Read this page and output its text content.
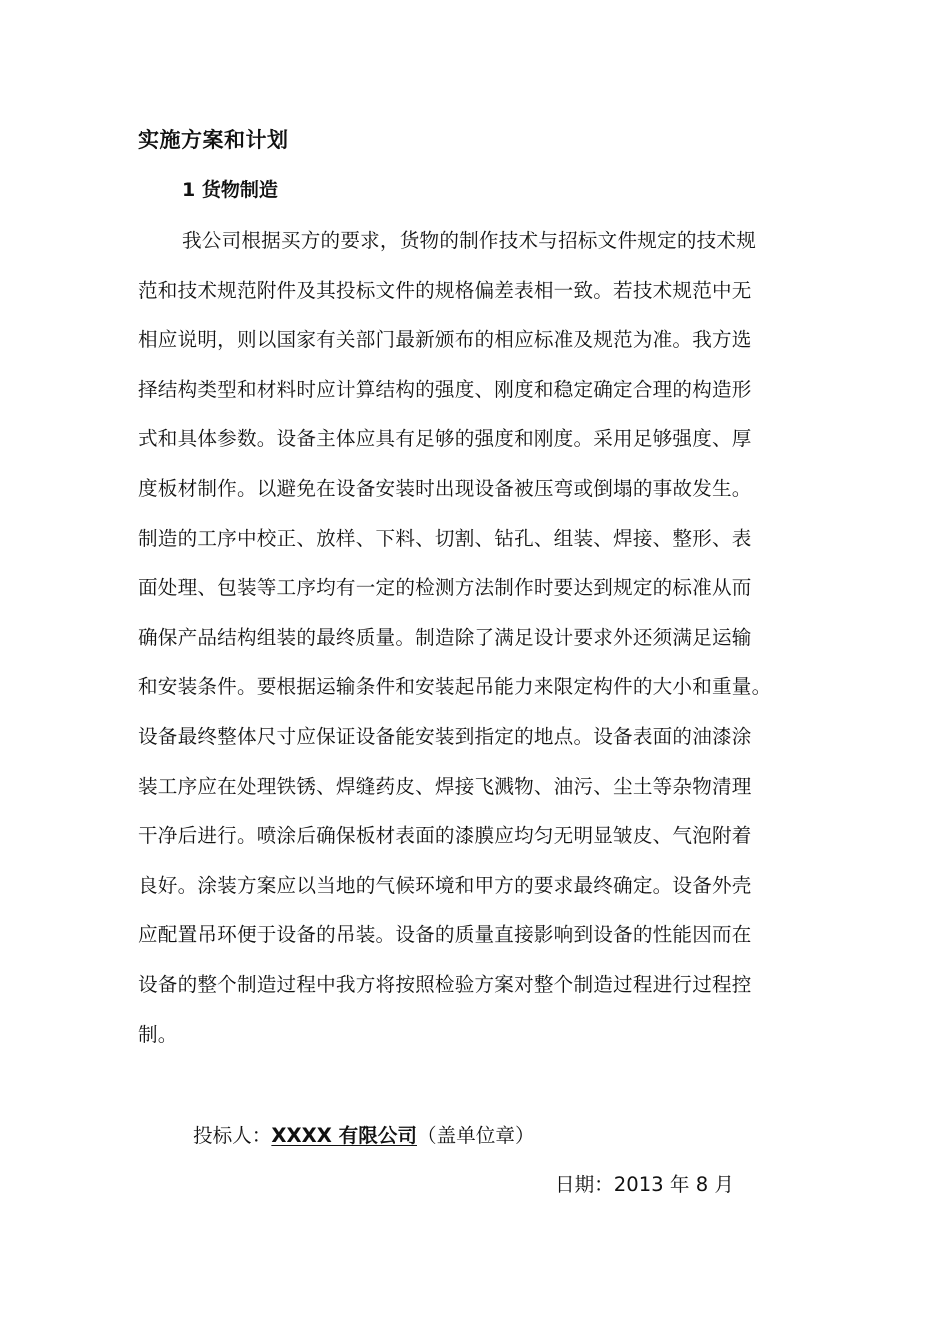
实施方案和计划
1 货物制造
我公司根据买方的要求，货物的制作技术与招标文件规定的技术规
范和技术规范附件及其投标文件的规格偏差表相一致。若技术规范中无
相应说明，则以国家有关部门最新颁布的相应标准及规范为准。我方选
择结构类型和材料时应计算结构的强度、刚度和稳定确定合理的构造形
式和具体参数。设备主体应具有足够的强度和刚度。采用足够强度、厚
度板材制作。以避免在设备安装时出现设备被压弯或倒塌的事故发生。
制造的工序中校正、放样、下料、切割、钻孔、组装、焊接、整形、表
面处理、包装等工序均有一定的检测方法制作时要达到规定的标准从而
确保产品结构组装的最终质量。制造除了满足设计要求外还须满足运输
和安装条件。要根据运输条件和安装起吊能力来限定构件的大小和重量。
设备最终整体尺寸应保证设备能安装到指定的地点。设备表面的油漆涂
装工序应在处理铁锈、焊缝药皮、焊接飞溅物、油污、尘土等杂物清理
干净后进行。喷涂后确保板材表面的漆膜应均匀无明显皱皮、气泡附着
良好。涂装方案应以当地的气候环境和甲方的要求最终确定。设备外壳
应配置吊环便于设备的吊装。设备的质量直接影响到设备的性能因而在
设备的整个制造过程中我方将按照检验方案对整个制造过程进行过程控
制。
投标人：XXXX 有限公司（盖单位章）
日期：2013 年 8 月
